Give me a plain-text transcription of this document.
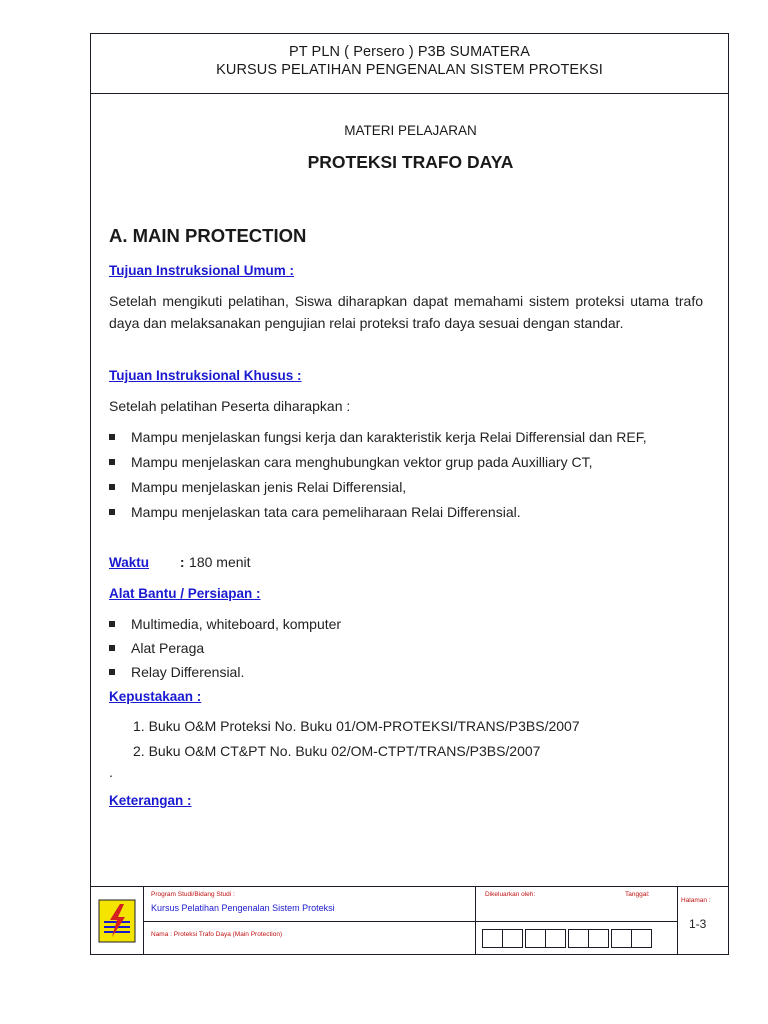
PT PLN ( Persero ) P3B SUMATERA
KURSUS PELATIHAN PENGENALAN SISTEM PROTEKSI
MATERI PELAJARAN
PROTEKSI TRAFO DAYA
A. MAIN PROTECTION
Tujuan Instruksional Umum :
Setelah mengikuti pelatihan, Siswa diharapkan dapat memahami sistem proteksi utama trafo daya dan melaksanakan pengujian relai proteksi trafo daya sesuai dengan standar.
Tujuan Instruksional Khusus :
Setelah pelatihan Peserta diharapkan :
Mampu menjelaskan fungsi kerja dan karakteristik kerja Relai Differensial dan REF,
Mampu menjelaskan cara menghubungkan vektor grup pada Auxilliary CT,
Mampu menjelaskan jenis Relai Differensial,
Mampu menjelaskan tata cara pemeliharaan Relai Differensial.
Waktu : 180 menit
Alat Bantu / Persiapan :
Multimedia, whiteboard, komputer
Alat Peraga
Relay Differensial.
Kepustakaan :
1. Buku O&M Proteksi No. Buku 01/OM-PROTEKSI/TRANS/P3BS/2007
2. Buku O&M CT&PT No. Buku 02/OM-CTPT/TRANS/P3BS/2007
.
Keterangan :
Program Studi/Bidang Studi :
Kursus Pelatihan Pengenalan Sistem Proteksi
Nama : Proteksi Trafo Daya (Main Protection)
Dikeluarkan oleh:	Tanggal:
Halaman :
1-3
